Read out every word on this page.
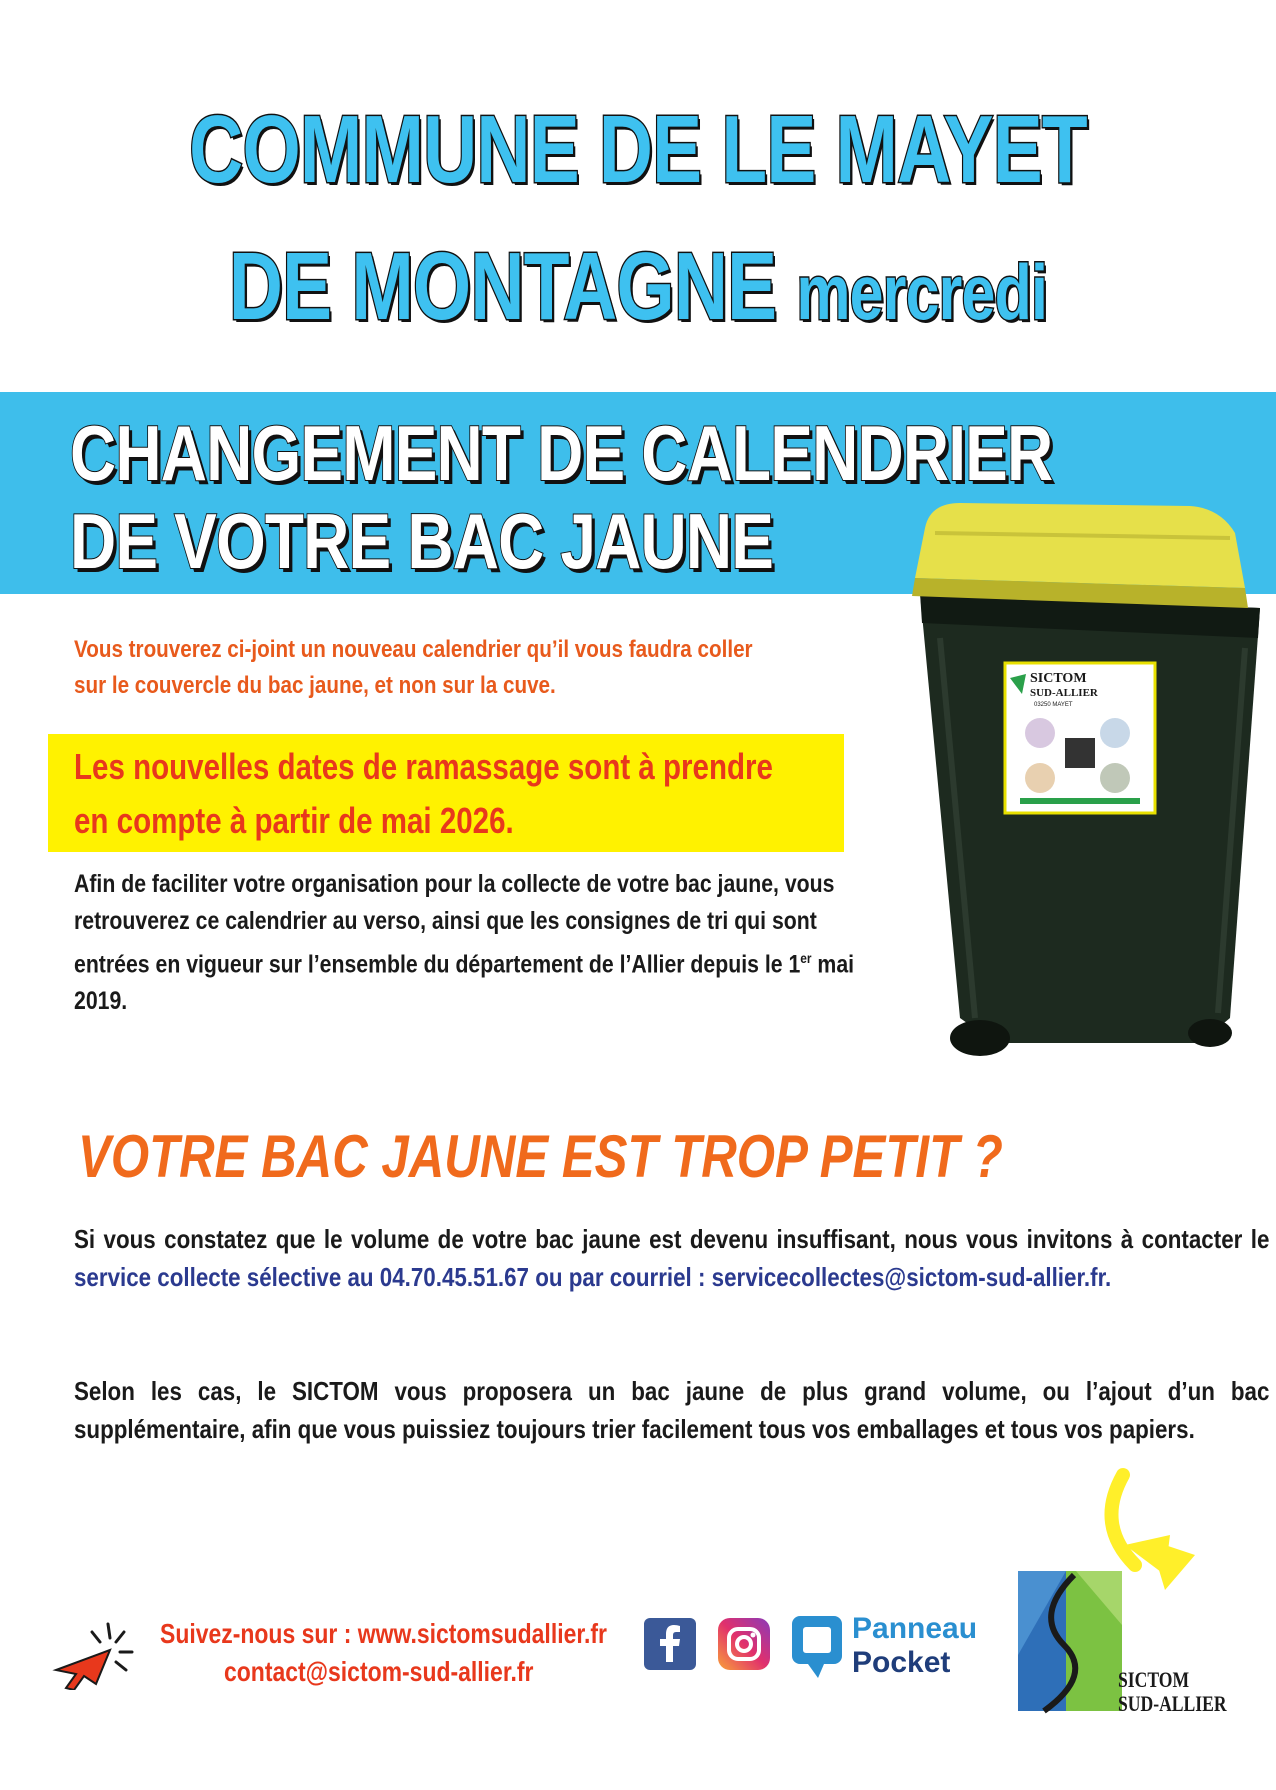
COMMUNE DE LE MAYET
DE MONTAGNE mercredi
CHANGEMENT DE CALENDRIER
DE VOTRE BAC JAUNE
SICTOM
SUD-ALLIER
03250 MAYET
Vous trouverez ci-joint un nouveau calendrier qu’il vous faudra coller sur le couvercle du bac jaune, et non sur la cuve.
Les nouvelles dates de ramassage sont à prendre en compte à partir de mai 2026.
Afin de faciliter votre organisation pour la collecte de votre bac jaune, vous retrouverez ce calendrier au verso, ainsi que les consignes de tri qui sont entrées en vigueur sur l’ensemble du département de l’Allier depuis le 1er mai 2019.
VOTRE BAC JAUNE EST TROP PETIT ?
Si vous constatez que le volume de votre bac jaune est devenu insuffisant, nous vous invitons à contacter le service collecte sélective au 04.70.45.51.67 ou par courriel : servicecollectes@sictom-sud-allier.fr.
Selon les cas, le SICTOM vous proposera un bac jaune de plus grand volume, ou l’ajout d’un bac supplémentaire, afin que vous puissiez toujours trier facilement tous vos emballages et tous vos papiers.
Suivez-nous sur : www.sictomsudallier.fr
contact@sictom-sud-allier.fr
Panneau
Pocket
SICTOM
SUD-ALLIER
